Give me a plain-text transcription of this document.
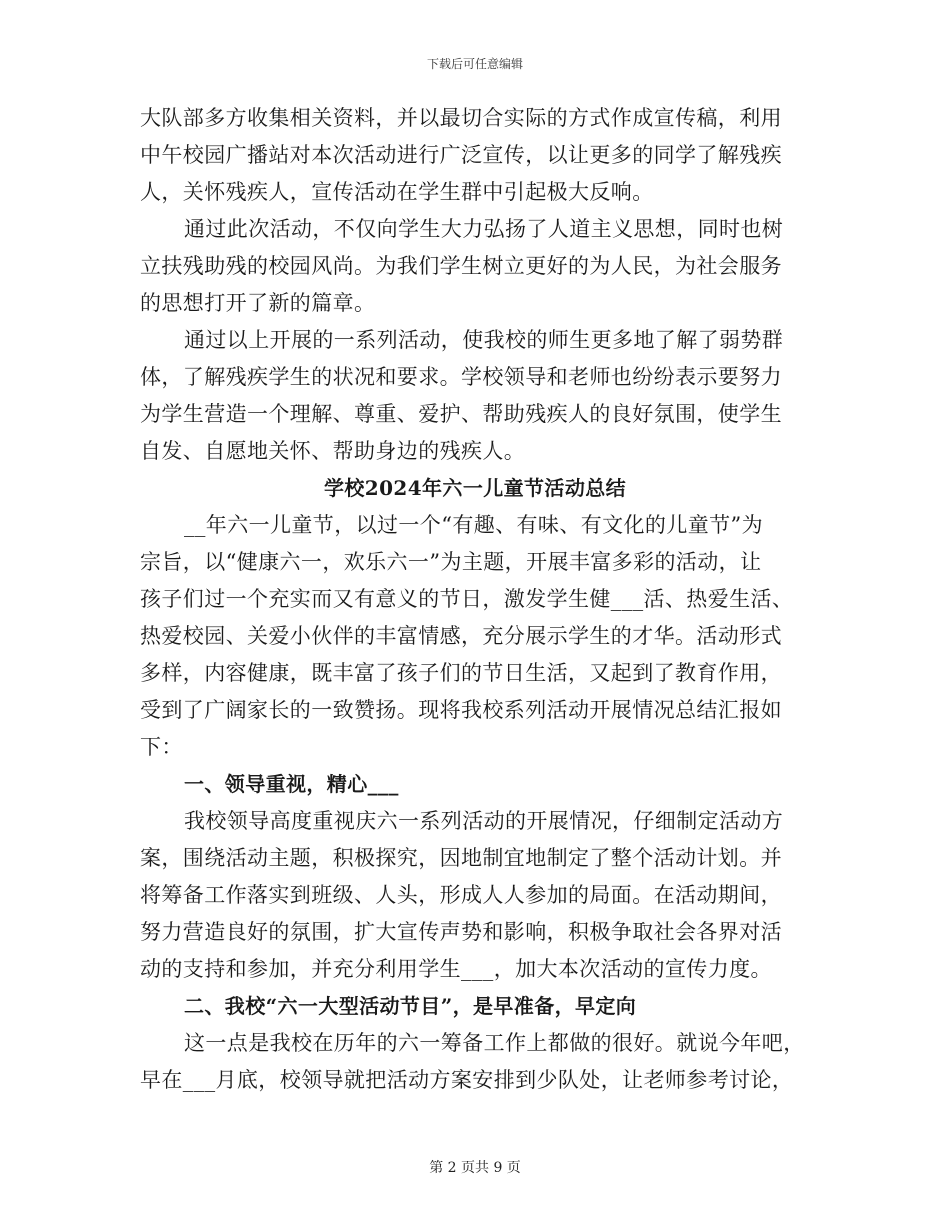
下载后可任意编辑
大队部多方收集相关资料，并以最切合实际的方式作成宣传稿，利用
中午校园广播站对本次活动进行广泛宣传，以让更多的同学了解残疾
人，关怀残疾人，宣传活动在学生群中引起极大反响。
通过此次活动，不仅向学生大力弘扬了人道主义思想，同时也树
立扶残助残的校园风尚。为我们学生树立更好的为人民，为社会服务
的思想打开了新的篇章。
通过以上开展的一系列活动，使我校的师生更多地了解了弱势群
体，了解残疾学生的状况和要求。学校领导和老师也纷纷表示要努力
为学生营造一个理解、尊重、爱护、帮助残疾人的良好氛围，使学生
自发、自愿地关怀、帮助身边的残疾人。
学校2024年六一儿童节活动总结
__年六一儿童节，以过一个“有趣、有味、有文化的儿童节”为
宗旨，以“健康六一，欢乐六一”为主题，开展丰富多彩的活动，让
孩子们过一个充实而又有意义的节日，激发学生健___活、热爱生活、
热爱校园、关爱小伙伴的丰富情感，充分展示学生的才华。活动形式
多样，内容健康，既丰富了孩子们的节日生活，又起到了教育作用，
受到了广阔家长的一致赞扬。现将我校系列活动开展情况总结汇报如
下：
一、领导重视，精心___
我校领导高度重视庆六一系列活动的开展情况，仔细制定活动方
案，围绕活动主题，积极探究，因地制宜地制定了整个活动计划。并
将筹备工作落实到班级、人头，形成人人参加的局面。在活动期间，
努力营造良好的氛围，扩大宣传声势和影响，积极争取社会各界对活
动的支持和参加，并充分利用学生___，加大本次活动的宣传力度。
二、我校“六一大型活动节目”，是早准备，早定向
这一点是我校在历年的六一筹备工作上都做的很好。就说今年吧，
早在___月底，校领导就把活动方案安排到少队处，让老师参考讨论，
第 2 页共 9 页
